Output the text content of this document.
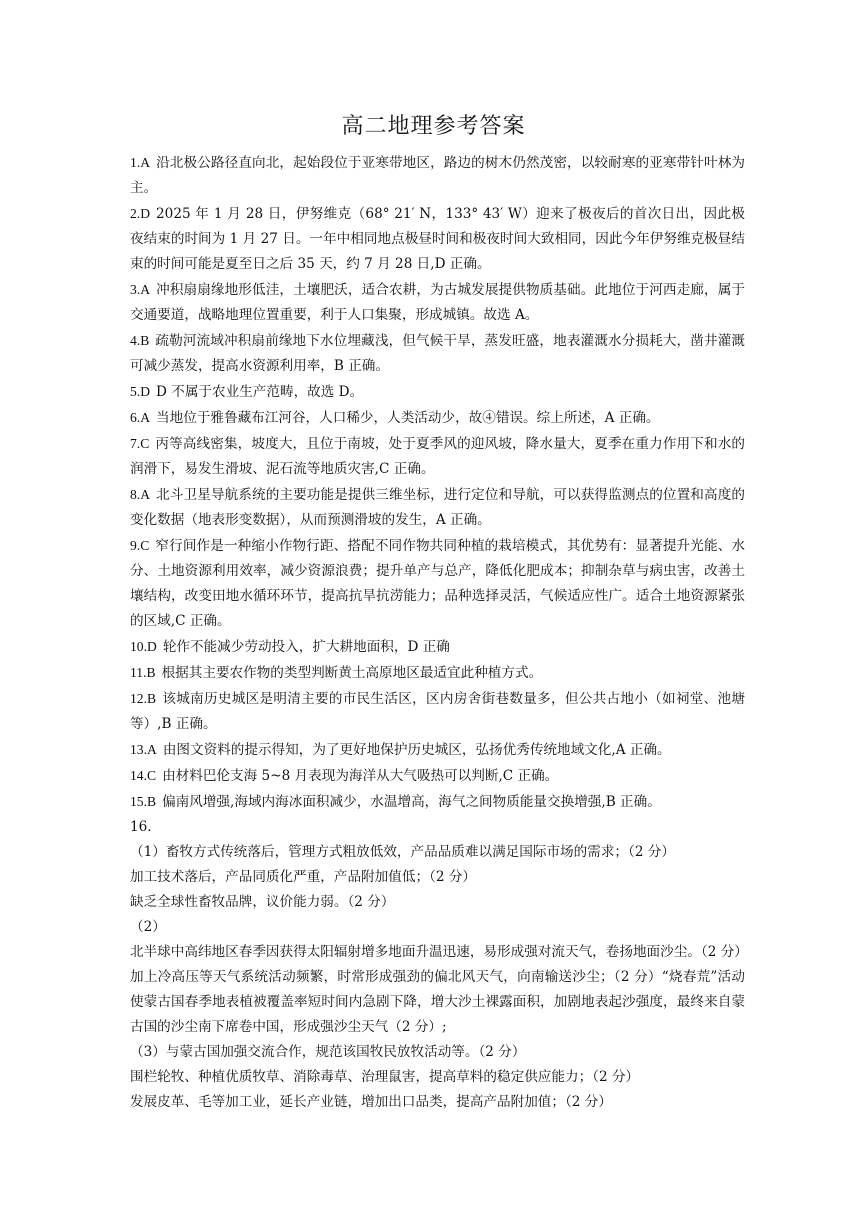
高二地理参考答案
1.A 沿北极公路径直向北，起始段位于亚寒带地区，路边的树木仍然茂密，以较耐寒的亚寒带针叶林为主。
2.D 2025 年 1 月 28 日，伊努维克（68° 21′ N，133° 43′ W）迎来了极夜后的首次日出，因此极夜结束的时间为 1 月 27 日。一年中相同地点极昼时间和极夜时间大致相同，因此今年伊努维克极昼结束的时间可能是夏至日之后 35 天，约 7 月 28 日,D 正确。
3.A 冲积扇扇缘地形低洼，土壤肥沃，适合农耕，为古城发展提供物质基础。此地位于河西走廊，属于交通要道，战略地理位置重要，利于人口集聚，形成城镇。故选 A。
4.B 疏勒河流域冲积扇前缘地下水位埋藏浅，但气候干旱，蒸发旺盛，地表灌溉水分损耗大，凿井灌溉可减少蒸发，提高水资源利用率，B 正确。
5.D D 不属于农业生产范畴，故选 D。
6.A 当地位于雅鲁藏布江河谷，人口稀少，人类活动少，故④错误。综上所述，A 正确。
7.C 丙等高线密集，坡度大，且位于南坡，处于夏季风的迎风坡，降水量大，夏季在重力作用下和水的润滑下，易发生滑坡、泥石流等地质灾害,C 正确。
8.A 北斗卫星导航系统的主要功能是提供三维坐标，进行定位和导航，可以获得监测点的位置和高度的变化数据（地表形变数据），从而预测滑坡的发生，A 正确。
9.C 窄行间作是一种缩小作物行距、搭配不同作物共同种植的栽培模式，其优势有：显著提升光能、水分、土地资源利用效率，减少资源浪费；提升单产与总产，降低化肥成本；抑制杂草与病虫害，改善土壤结构，改变田地水循环环节，提高抗旱抗涝能力；品种选择灵活，气候适应性广。适合土地资源紧张的区域,C 正确。
10.D 轮作不能减少劳动投入，扩大耕地面积，D 正确
11.B 根据其主要农作物的类型判断黄土高原地区最适宜此种植方式。
12.B 该城南历史城区是明清主要的市民生活区，区内房舍街巷数量多，但公共占地小（如祠堂、池塘等）,B 正确。
13.A 由图文资料的提示得知，为了更好地保护历史城区，弘扬优秀传统地域文化,A 正确。
14.C 由材料巴伦支海 5~8 月表现为海洋从大气吸热可以判断,C 正确。
15.B 偏南风增强,海域内海冰面积减少，水温增高，海气之间物质能量交换增强,B 正确。
16.
（1）畜牧方式传统落后，管理方式粗放低效，产品品质难以满足国际市场的需求；（2 分）
加工技术落后，产品同质化严重，产品附加值低；（2 分）
缺乏全球性畜牧品牌，议价能力弱。（2 分）
（2）
北半球中高纬地区春季因获得太阳辐射增多地面升温迅速，易形成强对流天气，卷扬地面沙尘。（2 分）
加上冷高压等天气系统活动频繁，时常形成强劲的偏北风天气，向南输送沙尘；（2 分）“烧春荒”活动使蒙古国春季地表植被覆盖率短时间内急剧下降，增大沙土裸露面积，加剧地表起沙强度，最终来自蒙古国的沙尘南下席卷中国，形成强沙尘天气（2 分）;
（3）与蒙古国加强交流合作，规范该国牧民放牧活动等。（2 分）
围栏轮牧、种植优质牧草、消除毒草、治理鼠害，提高草料的稳定供应能力；（2 分）
发展皮革、毛等加工业，延长产业链，增加出口品类，提高产品附加值；（2 分）
